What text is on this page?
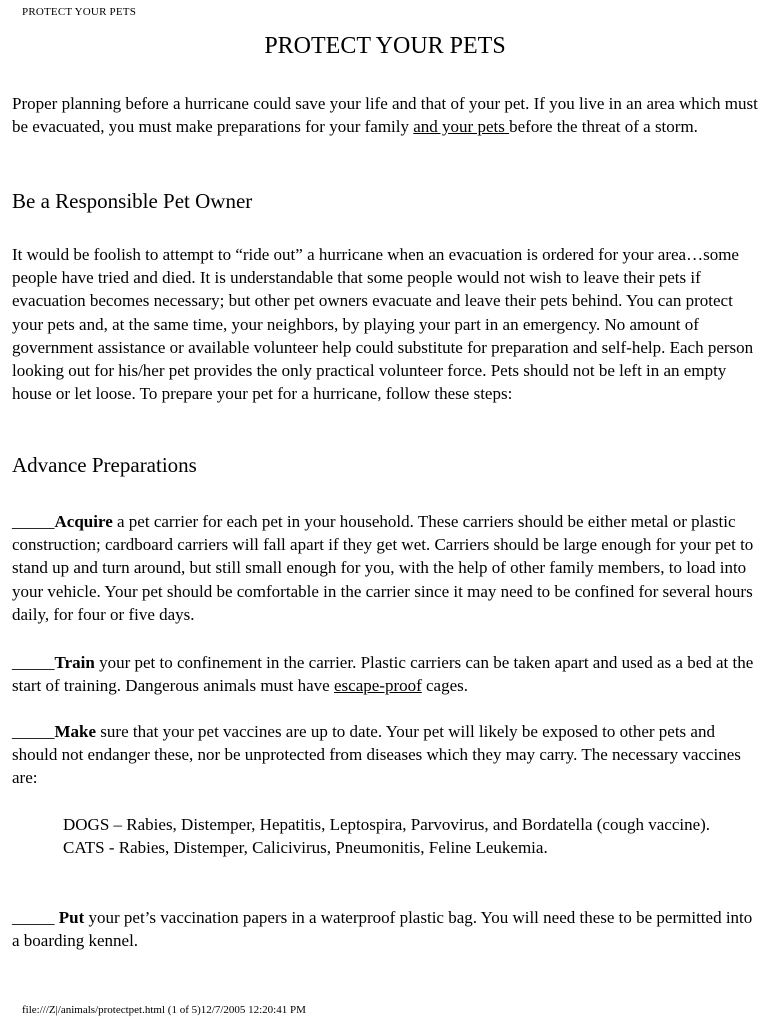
PROTECT YOUR PETS
PROTECT YOUR PETS

Proper planning before a hurricane could save your life and that of your pet. If you live in an area which must be evacuated, you must make preparations for your family and your pets before the threat of a storm.

Be a Responsible Pet Owner

It would be foolish to attempt to “ride out” a hurricane when an evacuation is ordered for your area…some people have tried and died. It is understandable that some people would not wish to leave their pets if evacuation becomes necessary; but other pet owners evacuate and leave their pets behind. You can protect your pets and, at the same time, your neighbors, by playing your part in an emergency. No amount of government assistance or available volunteer help could substitute for preparation and self-help. Each person looking out for his/her pet provides the only practical volunteer force. Pets should not be left in an empty house or let loose. To prepare your pet for a hurricane, follow these steps:

Advance Preparations

_____Acquire a pet carrier for each pet in your household. These carriers should be either metal or plastic construction; cardboard carriers will fall apart if they get wet. Carriers should be large enough for your pet to stand up and turn around, but still small enough for you, with the help of other family members, to load into your vehicle. Your pet should be comfortable in the carrier since it may need to be confined for several hours daily, for four or five days.

_____Train your pet to confinement in the carrier. Plastic carriers can be taken apart and used as a bed at the start of training. Dangerous animals must have escape-proof cages.

_____Make sure that your pet vaccines are up to date. Your pet will likely be exposed to other pets and should not endanger these, nor be unprotected from diseases which they may carry. The necessary vaccines are:

DOGS – Rabies, Distemper, Hepatitis, Leptospira, Parvovirus, and Bordatella (cough vaccine).
CATS - Rabies, Distemper, Calicivirus, Pneumonitis, Feline Leukemia.

_____ Put your pet’s vaccination papers in a waterproof plastic bag. You will need these to be permitted into a boarding kennel.

file:///Z|/animals/protectpet.html (1 of 5)12/7/2005 12:20:41 PM
